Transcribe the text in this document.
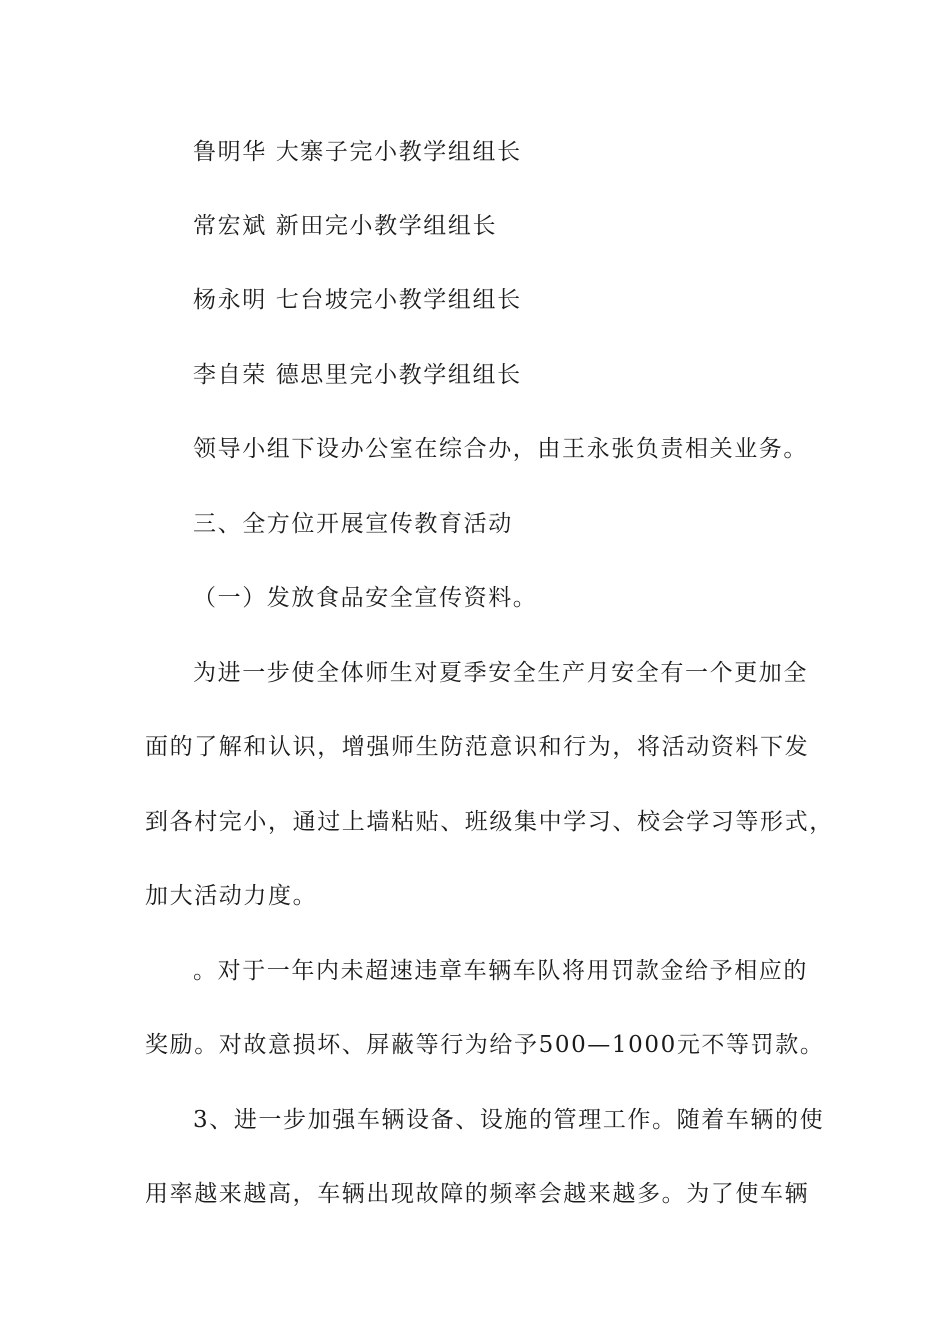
鲁明华 大寨子完小教学组组长
常宏斌 新田完小教学组组长
杨永明 七台坡完小教学组组长
李自荣 德思里完小教学组组长
领导小组下设办公室在综合办，由王永张负责相关业务。
三、全方位开展宣传教育活动
（一）发放食品安全宣传资料。
为进一步使全体师生对夏季安全生产月安全有一个更加全
面的了解和认识，增强师生防范意识和行为，将活动资料下发
到各村完小，通过上墙粘贴、班级集中学习、校会学习等形式，
加大活动力度。
。对于一年内未超速违章车辆车队将用罚款金给予相应的
奖励。对故意损坏、屏蔽等行为给予500—1000元不等罚款。
3、进一步加强车辆设备、设施的管理工作。随着车辆的使
用率越来越高，车辆出现故障的频率会越来越多。为了使车辆
